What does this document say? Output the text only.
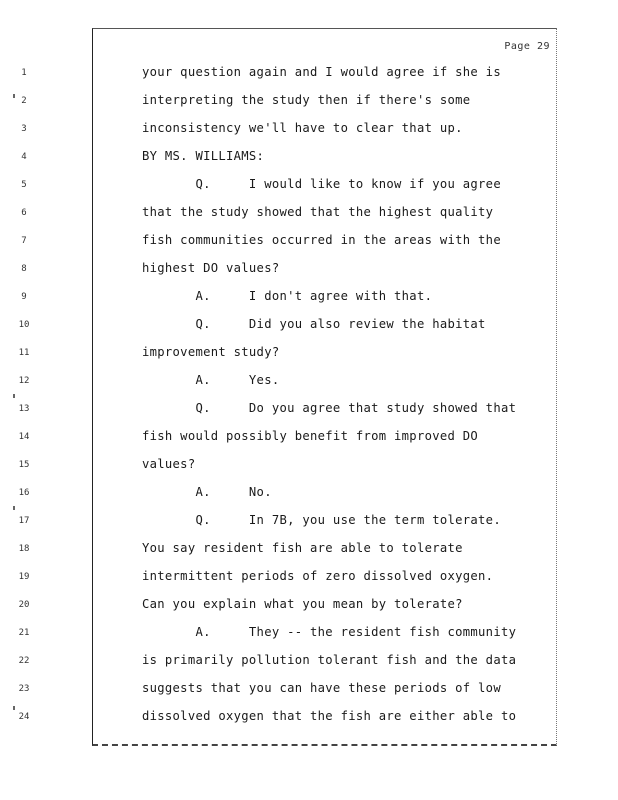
Page 29
1	your question again and I would agree if she is
2	interpreting the study then if there's some
3	inconsistency we'll have to clear that up.
4	BY MS. WILLIAMS:
5	Q.     I would like to know if you agree
6	that the study showed that the highest quality
7	fish communities occurred in the areas with the
8	highest DO values?
9	A.     I don't agree with that.
10	Q.     Did you also review the habitat
11	improvement study?
12	A.     Yes.
13	Q.     Do you agree that study showed that
14	fish would possibly benefit from improved DO
15	values?
16	A.     No.
17	Q.     In 7B, you use the term tolerate.
18	You say resident fish are able to tolerate
19	intermittent periods of zero dissolved oxygen.
20	Can you explain what you mean by tolerate?
21	A.     They -- the resident fish community
22	is primarily pollution tolerant fish and the data
23	suggests that you can have these periods of low
24	dissolved oxygen that the fish are either able to
